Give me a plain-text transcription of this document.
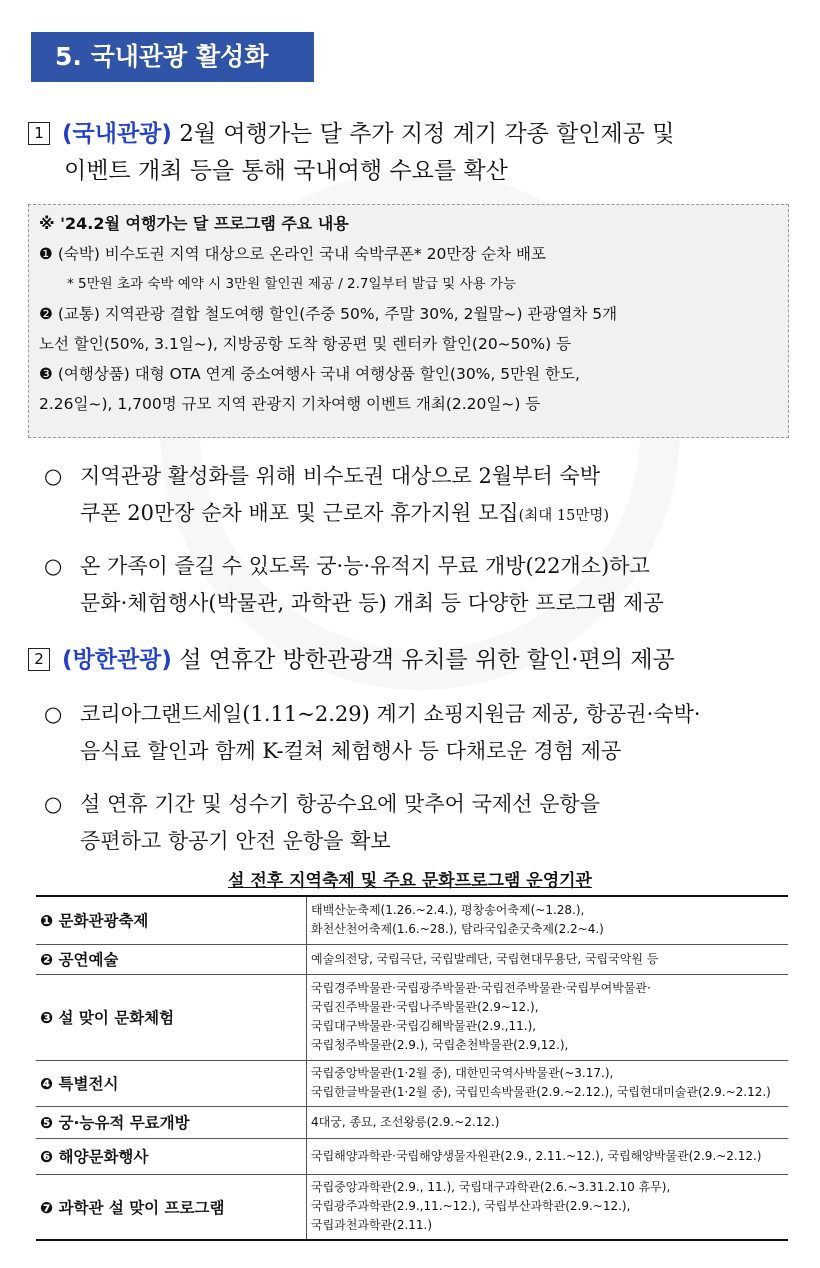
5. 국내관광 활성화
1 (국내관광) 2월 여행가는 달 추가 지정 계기 각종 할인제공 및
이벤트 개최 등을 통해 국내여행 수요를 확산
※ '24.2월 여행가는 달 프로그램 주요 내용
❶ (숙박) 비수도권 지역 대상으로 온라인 국내 숙박쿠폰* 20만장 순차 배포
* 5만원 초과 숙박 예약 시 3만원 할인권 제공 / 2.7일부터 발급 및 사용 가능
❷ (교통) 지역관광 결합 철도여행 할인(주중 50%, 주말 30%, 2월말~) 관광열차 5개
노선 할인(50%, 3.1일~), 지방공항 도착 항공편 및 렌터카 할인(20~50%) 등
❸ (여행상품) 대형 OTA 연계 중소여행사 국내 여행상품 할인(30%, 5만원 한도,
2.26일~), 1,700명 규모 지역 관광지 기차여행 이벤트 개최(2.20일~) 등
○ 지역관광 활성화를 위해 비수도권 대상으로 2월부터 숙박
쿠폰 20만장 순차 배포 및 근로자 휴가지원 모집(최대 15만명)
○ 온 가족이 즐길 수 있도록 궁·능·유적지 무료 개방(22개소)하고
문화·체험행사(박물관, 과학관 등) 개최 등 다양한 프로그램 제공
2 (방한관광) 설 연휴간 방한관광객 유치를 위한 할인·편의 제공
○ 코리아그랜드세일(1.11~2.29) 계기 쇼핑지원금 제공, 항공권·숙박·
음식료 할인과 함께 K-컬쳐 체험행사 등 다채로운 경험 제공
○ 설 연휴 기간 및 성수기 항공수요에 맞추어 국제선 운항을
증편하고 항공기 안전 운항을 확보
설 전후 지역축제 및 주요 문화프로그램 운영기관
❶ 문화관광축제	태백산눈축제(1.26.~2.4.), 평창송어축제(~1.28.),
화천산천어축제(1.6.~28.), 탐라국입춘굿축제(2.2~4.)

❷ 공연예술	예술의전당, 국립극단, 국립발레단, 국립현대무용단, 국립국악원 등

❸ 설 맞이 문화체험	국립경주박물관·국립광주박물관·국립전주박물관·국립부여박물관·
국립진주박물관·국립나주박물관(2.9~12.),
국립대구박물관·국립김해박물관(2.9.,11.),
국립청주박물관(2.9.), 국립춘천박물관(2.9,12.),

❹ 특별전시	국립중앙박물관(1·2월 중), 대한민국역사박물관(~3.17.),
국립한글박물관(1·2월 중), 국립민속박물관(2.9.~2.12.), 국립현대미술관(2.9.~2.12.)

❺ 궁·능유적 무료개방	4대궁, 종묘, 조선왕릉(2.9.~2.12.)

❻ 해양문화행사	국립해양과학관·국립해양생물자원관(2.9., 2.11.~12.), 국립해양박물관(2.9.~2.12.)

❼ 과학관 설 맞이 프로그램	국립중앙과학관(2.9., 11.), 국립대구과학관(2.6.~3.31.2.10 휴무),
국립광주과학관(2.9.,11.~12.), 국립부산과학관(2.9.~12.),
국립과천과학관(2.11.)
